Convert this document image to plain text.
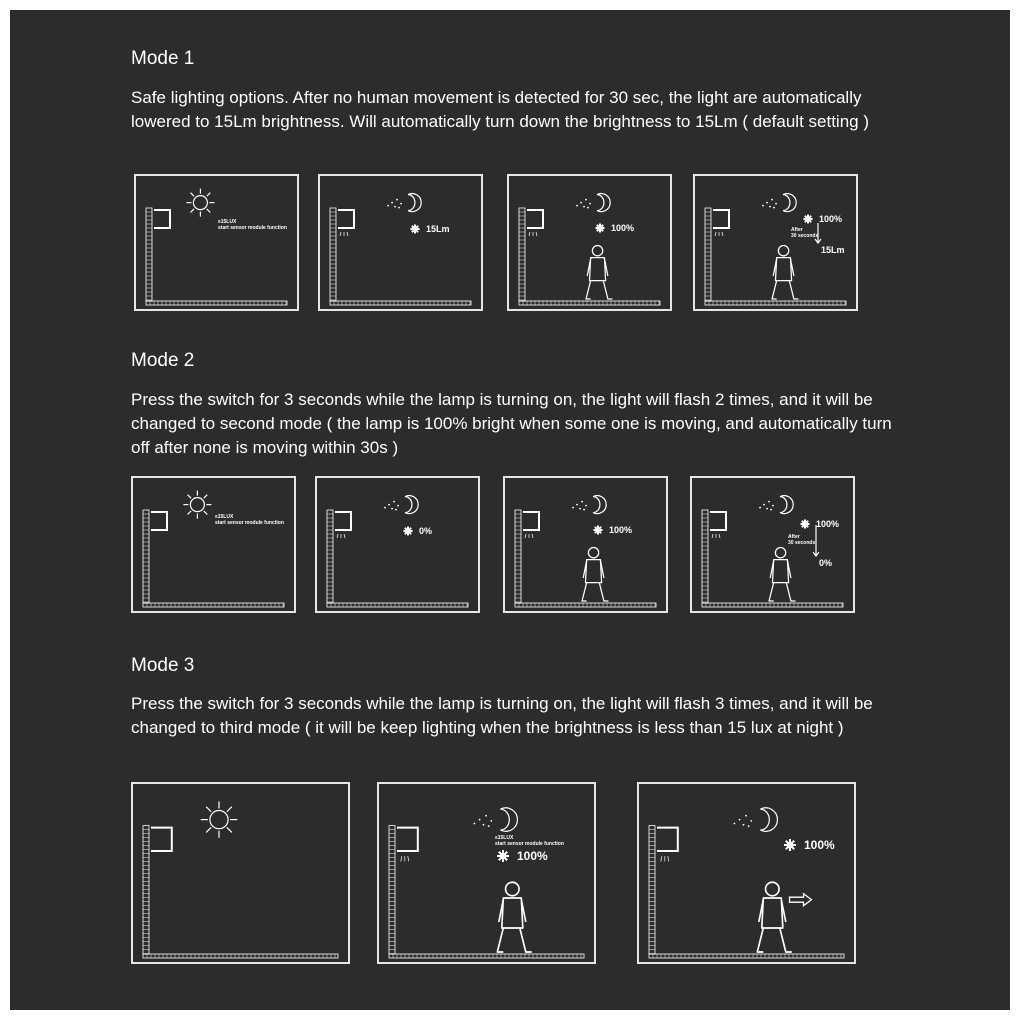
Mode 1

Safe lighting options. After no human movement is detected for 30 sec, the light are automatically lowered to 15Lm brightness. Will automatically turn down the brightness to 15Lm ( default setting )

≤15LUX
start sensor module function	15Lm	100%
100%
After
30 seconds
15Lm
Mode 2

Press the switch for 3 seconds while the lamp is turning on, the light will flash 2 times, and it will be changed to second mode ( the lamp is 100% bright when some one is moving, and automatically turn off after none is moving within 30s )

≤15LUX
start sensor module function
0%	100%
100%
After
30 seconds
0%
Mode 3

Press the switch for 3 seconds while the lamp is turning on, the light will flash 3 times, and it will be changed to third mode ( it will be keep lighting when the brightness is less than 15 lux at night )

≤15LUX
start sensor module function
100%
100%
